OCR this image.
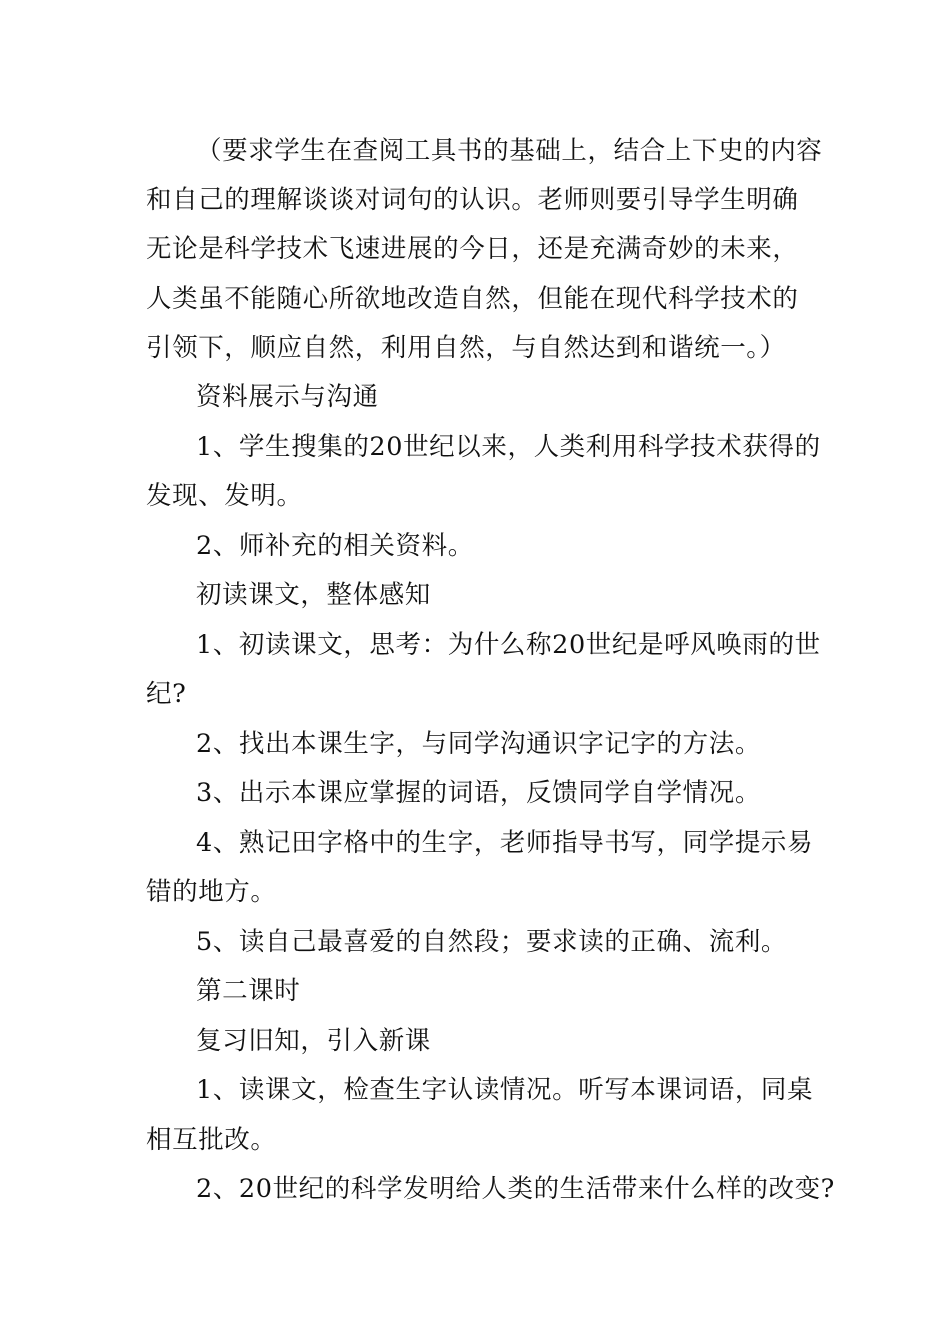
（要求学生在查阅工具书的基础上，结合上下史的内容
和自己的理解谈谈对词句的认识。老师则要引导学生明确
无论是科学技术飞速进展的今日，还是充满奇妙的未来，
人类虽不能随心所欲地改造自然，但能在现代科学技术的
引领下，顺应自然，利用自然，与自然达到和谐统一。）
资料展示与沟通
1、学生搜集的20世纪以来，人类利用科学技术获得的
发现、发明。
2、师补充的相关资料。
初读课文，整体感知
1、初读课文，思考：为什么称20世纪是呼风唤雨的世
纪?
2、找出本课生字，与同学沟通识字记字的方法。
3、出示本课应掌握的词语，反馈同学自学情况。
4、熟记田字格中的生字，老师指导书写，同学提示易
错的地方。
5、读自己最喜爱的自然段；要求读的正确、流利。
第二课时
复习旧知，引入新课
1、读课文，检查生字认读情况。听写本课词语，同桌
相互批改。
2、20世纪的科学发明给人类的生活带来什么样的改变?
